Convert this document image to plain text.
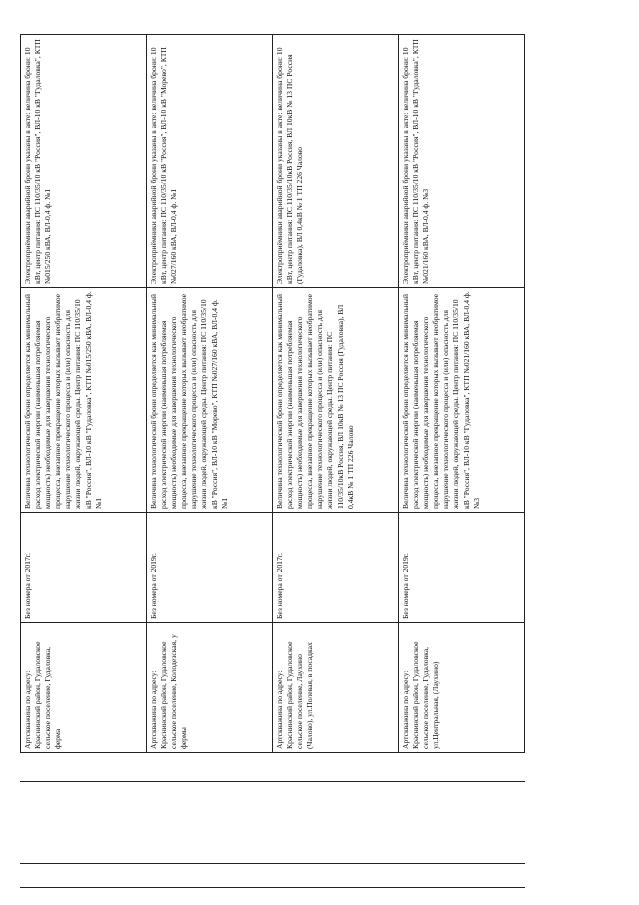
Артскважина по адресу: Краснинский район, Гудаловское сельское поселение, Гудаловка, ферма	Без номера от 2017г.	Величина технологической брони определяется как минимальный расход электрической энергии (наименьшая потребляемая мощность) необходимые для завершения технологического процесса, внезапное прекращение которых вызывает необратимое нарушение технологического процесса и (или) опасность для жизни людей, окружающей среды. Центр питания: ПС 110/35/10 кВ "Россия", ВЛ-10 кВ "Гудаловка", КТП №015/250 кВА, ВЛ-0,4 ф. №1	Электроприёмники аварийной брони указаны в акте: величина брони: 10 кВт, центр питания: ПС 110/35/10 кВ "Россия", ВЛ-10 кВ "Гудаловка", КТП №015/250 кВА, ВЛ-0,4 ф. №1
Артскважина по адресу: Краснинский район, Гудаловское сельское поселение, Колодезская, у фермы	Без номера от 2019г.	Величина технологической брони определяется как минимальный расход электрической энергии (наименьшая потребляемая мощность) необходимые для завершения технологического процесса, внезапное прекращение которых вызывает необратимое нарушение технологического процесса и (или) опасность для жизни людей, окружающей среды. Центр питания: ПС 110/35/10 кВ "Россия", ВЛ-10 кВ "Морево", КТП №027/160 кВА, ВЛ-0,4 ф. №1	Электроприёмники аварийной брони указаны в акте: величина брони: 10 кВт, центр питания: ПС 110/35/10 кВ "Россия", ВЛ-10 кВ "Морево", КТП №027/160 кВА, ВЛ-0,4 ф. №1
Артскважина по адресу: Краснинский район, Гудаловское сельское поселение, Лаухино (Чалово), ул.Полевая, в посадках	Без номера от 2017г.	Величина технологической брони определяется как минимальный расход электрической энергии (наименьшая потребляемая мощность) необходимые для завершения технологического процесса, внезапное прекращение которых вызывает необратимое нарушение технологического процесса и (или) опасность для жизни людей, окружающей среды. Центр питания: ПС 110/35/10кВ Россия, ВЛ 10кВ № 13 ПС Россия (Гудаловка), ВЛ 0,4кВ № 1 ТП 226 Чалово	Электроприёмники аварийной брони указаны в акте: величина брони: 10 кВт, центр питания: ПС 110/35/10кВ Россия, ВЛ 10кВ № 13 ПС Россия (Гудаловка), ВЛ 0,4кВ № 1 ТП 226 Чалово
Артскважина по адресу: Краснинский район, Гудаловское сельское поселение, Гудаловка, ул.Центральная, (Лаухино)	Без номера от 2019г.	Величина технологической брони определяется как минимальный расход электрической энергии (наименьшая потребляемая мощность) необходимые для завершения технологического процесса, внезапное прекращение которых вызывает необратимое нарушение технологического процесса и (или) опасность для жизни людей, окружающей среды. Центр питания: ПС 110/35/10 кВ "Россия", ВЛ-10 кВ "Гудаловка", КТП №021/160 кВА, ВЛ-0,4 ф. №3	Электроприёмники аварийной брони указаны в акте: величина брони: 10 кВт, центр питания: ПС 110/35/10 кВ "Россия", ВЛ-10 кВ "Гудаловка", КТП №021/160 кВА, ВЛ-0,4 ф. №3
